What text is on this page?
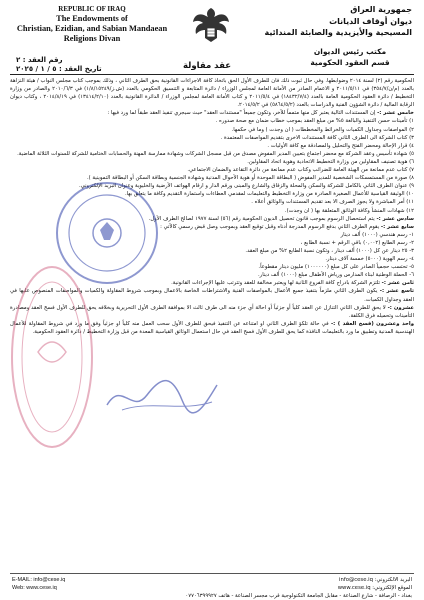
REPUBLIC OF IRAQ
The Endowments of
Christian, Ezidian, and Sabian Mandaean
Religions Divan
جمهورية العراق
ديوان أوقاف الديانات
المسيحية والأيزيدية والصابئة المندائية
رقم العقد : ٢
تاريخ العقد : ٥ / ١ / ٢٠٢٥	عقد مقاولة
مكتب رئيس الديوان
قسم العقود الحكومية

الحكومية رقم (٢) لسنة ٢٠١٤ وضوابطها. وفي حال ثبوت ذلك فان للطرف الأول الحق باتخاذ كافة الاجراءات القانونية بحق الطرف الثاني ، وذلك بموجب كتاب مجلس النواب / هيئة النزاهة بالعدد (م/ن/٣٥٤/٧) في ٢٠١١/٥/١١ و الاعمام الصادر من الأمانة العامة لمجلس الوزراء / دائرة المتابعة و التنسيق الحكومي بالعدد (ش.ز/١/٨/١٥٢٤٩) في ٢٠١٠/٦/٣ والصادر من وزارة التخطيط / دائرة العقود الحكومية العامة بالعدد (١٨٤٣٢/٧/٤) في ٢٠١١/٥/٤ و كتاب الأمانة العامة لمجلس الوزراء / الدائرة القانونية بالعدد (١٣٤١٤/٢/١٠) في ٢٠١٤/٨/١٩ ، وكتاب ديوان الرقابة المالية / دائرة الشؤون الفنية والدراسات بالعدد (٥٨٦٤/٥/٢) في ٢٠١٤/٥/٢.

خامس عشر :- إن المستندات التالية يعتبر كل منها متمماً للآخر، وتكون جميعاً "مستندات العقد" حيث سيجري تنفيذ العقد طبقاً لما ورد فيها :

١) تأمينات حسن التنفيذ والبالغة ٥% من مبلغ العقد بموجب خطاب ضمان مع صحة صدوره .

٢) المواصفات وجداول الكميات والخرائط والمخططات ( ان وجدت ) وما في حكمها.

٣) كتاب الشركة الى الطرف الثاني كافة المستندات الاخرى بتقديم المواصفات المعتمدة .

٤) قرار الإحالة ومحضر الفتح والتحليل والمصادقة مع كافة الأوليات .

٥) شهادة تأسيس وعقد الشركة مع محضر اجتماع بتعيين المدير المفوض مصدق من قبل مسجل الشركات وشهادة ممارسة المهنة والحسابات الختامية للشركة للسنوات الثلاثة الماضية.

٦) هوية تصنيف المقاولين من وزارة التخطيط الاتحادية وهوية اتحاد المقاولين.

٧) كتاب عدم ممانعة من الهيئة العامة للضرائب وكتاب عدم ممانعة من دائرة التقاعد والضمان الاجتماعي.

٨) صورة من المستمسكات الشخصية للمدير المفوض ( البطاقة الموحدة أو هوية الأحوال المدنية وشهادة الجنسية وبطاقة السكن أو البطاقة التموينية ).

٩) عنوان الطرف الثاني بالكامل للشركة والسكن والمحلة والزقاق والشارع والمبنى ورقم الدار و ارقام الهواتف الأرضية والخليوية وعنوان البريد الإلكتروني.

١٠) الوثيقة القياسية للأعمال الصغيرة الصادرة من وزارة التخطيط والتعليمات لمقدمي العطاءات واستمارة التقديم وكافة ما يتعلق بها.

١١) أمر المباشرة ولا يجوز الصرف الا بعد تقديم المستندات والوثائق أعلاه .

١٢) شهادات المنشأ وكافة الوثائق المتعلقة بها ( ان وجدت).

سادس عشر :- يتم استحصال الرسوم بموجب قانون تحصيل الديون الحكومية رقم (٥٦) لسنة ١٩٧٧ لصالح الطرف الأول.

سابع عشر :- يقوم الطرف الثاني بدفع الرسوم المدرجة أدناه وقبل توقيع العقد وبموجب وصل قبض رسمي كالآتي :

١- رسم هندسي (١٠٠٠) ألف دينار

٢- رسم الطابع (٠,٠٠٢) باقي الرقم + نسبة الطابع ،

٣- ٢٥ دينار عن كل (١٠٠٠) ألف دينار ، وتكون نسبة الطابع ٢% من مبلغ العقد.

٤- رسم الهوية (٥٠٠٠) خمسة آلاف دينار.

٥- تحتسب حجمياً الصادر على كل مبلغ (١٠٠٠٠٠٠) مليون دينار مقطوعاً.

٦- الحملة الوطنية لبناء المدارس ورياض الأطفال مبلغ (١٠٠٠) ألف دينار.

ثامن عشر :- تلتزم الشركة بادراج كافة الفروع الثانية لها ويعتبر مخالفة للعقد وتترتب عليها الإجراءات القانونية.

تاسع عشر :- يكون الطرف الثاني ملزماً بتنفيذ جميع الأعمال بالمواصفات الفنية والاشتراطات الخاصة بالاعمال وبموجب شروط المقاولة والكميات والمواصفات المنصوص عليها في العقد وجداول الكميات.

عشرون :- لا يحق للطرف الثاني التنازل عن العقد كلياً أو جزئياً أو احالة أي جزء منه الى طرف ثالث الا بموافقة الطرف الأول التحريرية وبخلافه يحق للطرف الأول فسخ العقد ومصادرة التأمينات وتحميله فرق الكلفة.

واحد وعشرون (فسخ العقد ) :- في حالة تلكؤ الطرف الثاني او امتناعه عن التنفيذ فيحق للطرف الأول سحب العمل منه كلياً او جزئياً وفق ما ورد في شروط المقاولة للأعمال الهندسية المدنية وتطبيق ما ورد بالتعليمات النافذة كما يحق للطرف الأول فسخ العقد في حال استعمال الوثائق القياسية المعدة من قبل وزارة التخطيط / دائرة العقود الحكومية.

E-MAIL: info@cese.iq
Web: www.cese.iq
البريد الالكتروني: info@cese.iq
الموقع الإلكتروني: www.cese.iq
بغداد - الرصافة - شارع الصناعة - مقابل الجامعة التكنولوجية قرب مجسر الصناعة - هاتف ٠٧٧٠٦٣٩٩٩٢٧
